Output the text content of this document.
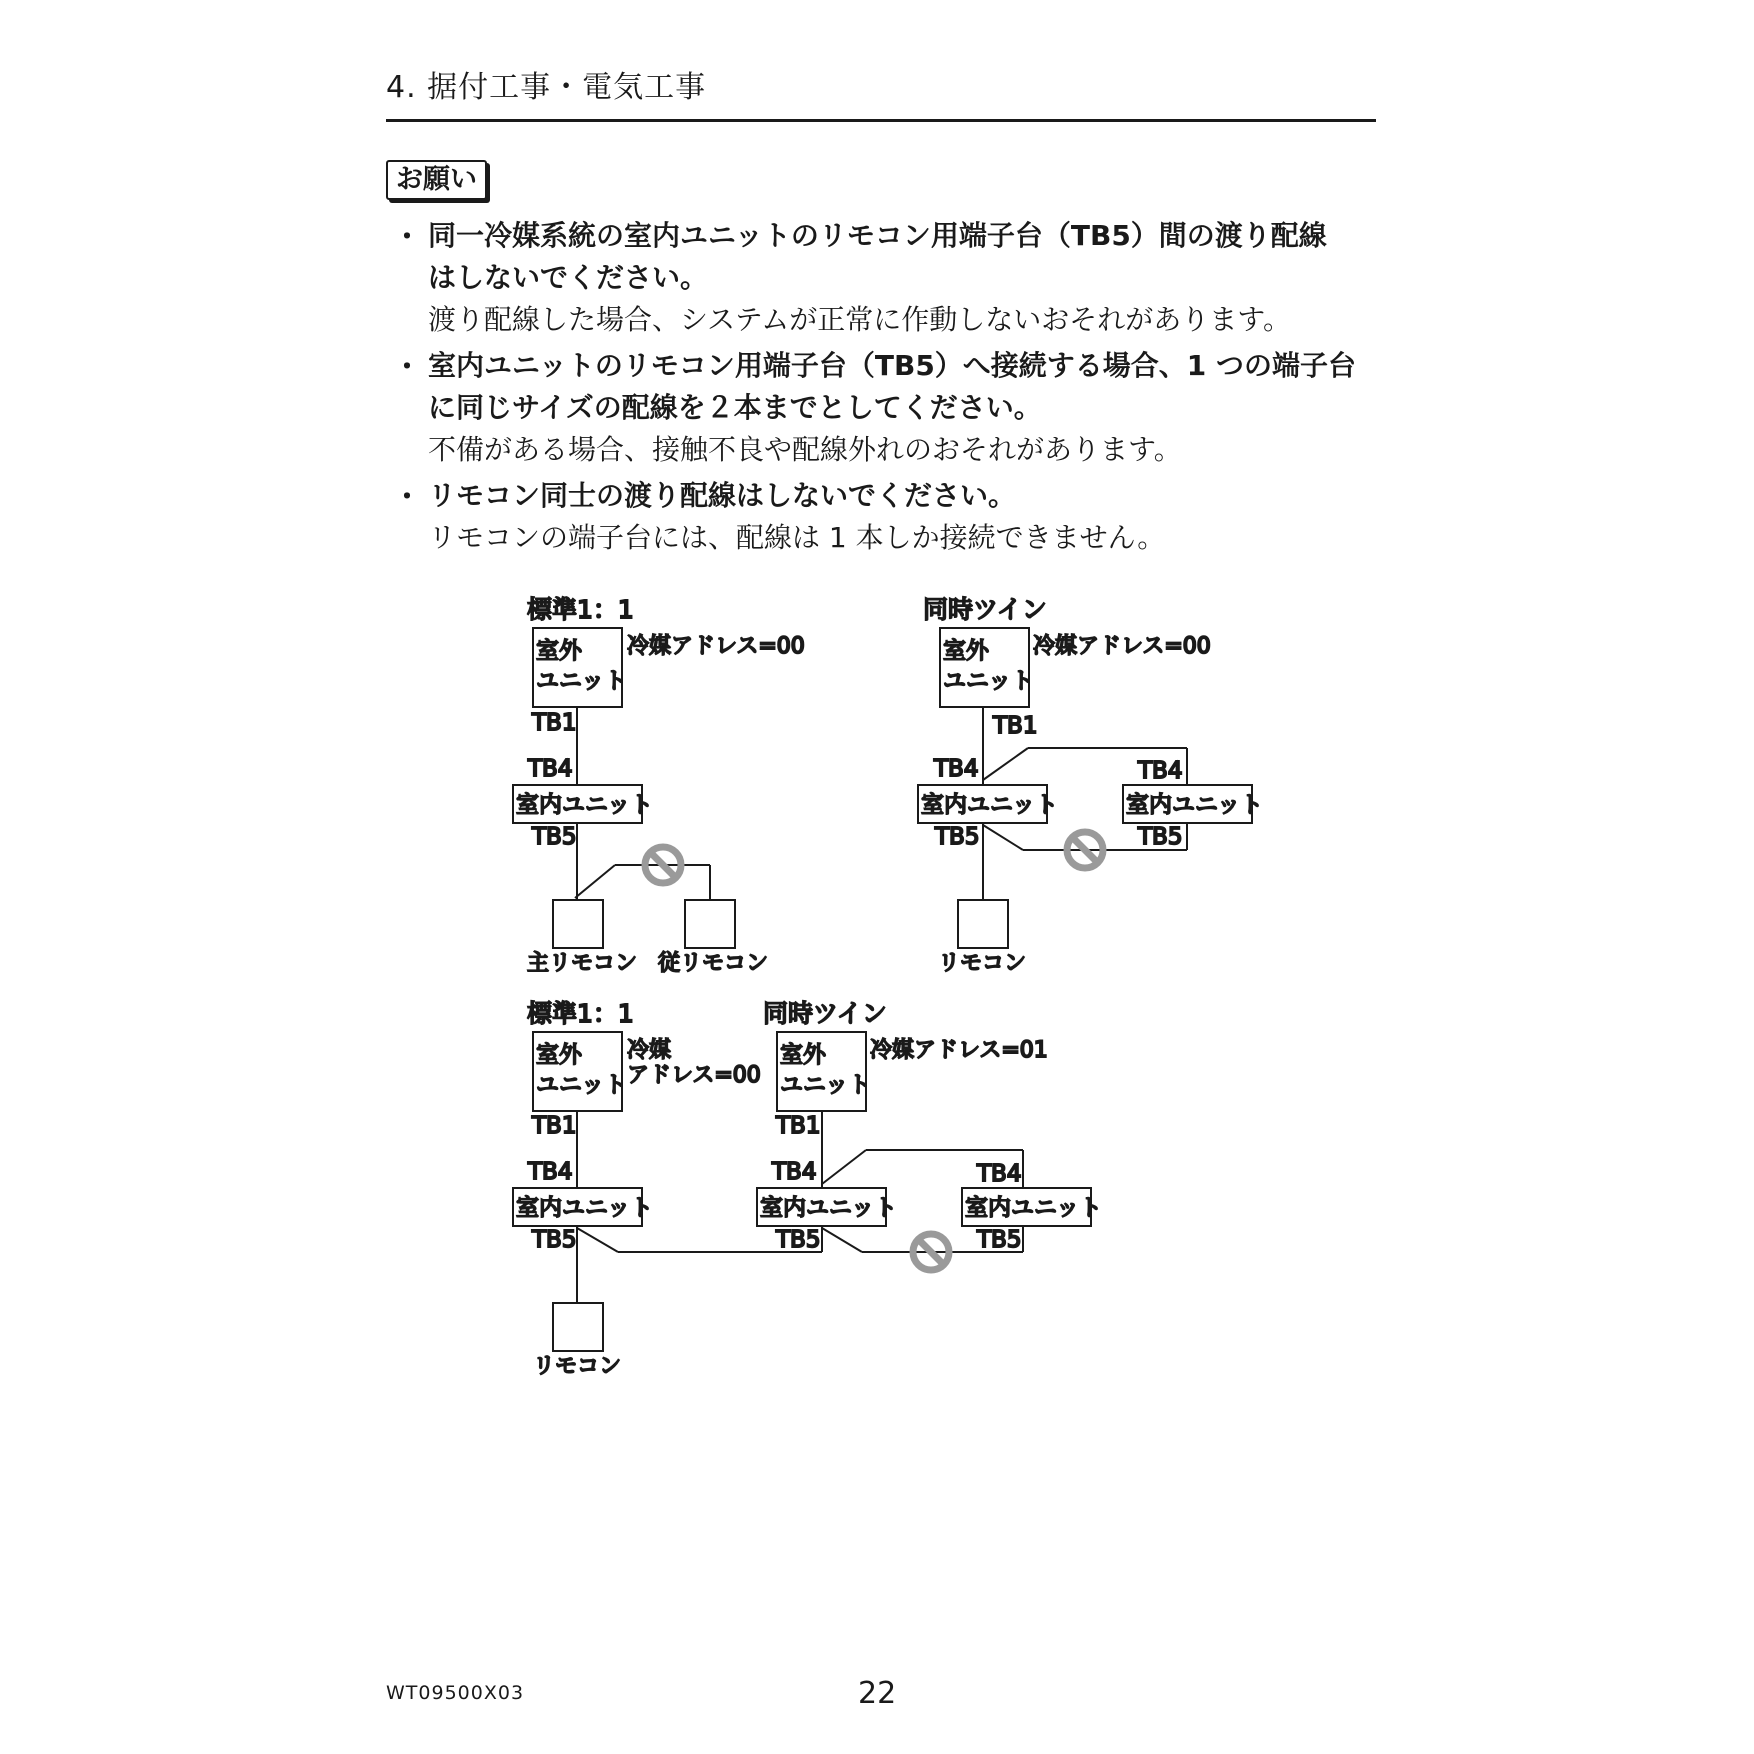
4. 据付工事・電気工事
お願い
・ 同一冷媒系統の室内ユニットのリモコン用端子台（TB5）間の渡り配線
はしないでください。
渡り配線した場合、システムが正常に作動しないおそれがあります。
・ 室内ユニットのリモコン用端子台（TB5）へ接続する場合、1 つの端子台
に同じサイズの配線を２本までとしてください。
不備がある場合、接触不良や配線外れのおそれがあります。
・ リモコン同士の渡り配線はしないでください。
リモコンの端子台には、配線は 1 本しか接続できません。
標準1：1
室外
ユニット
冷媒アドレス=00
TB1
TB4
室内ユニット
TB5
主リモコン 従リモコン
同時ツイン
室外
ユニット
冷媒アドレス=00
TB1
TB4	TB4
室内ユニット	室内ユニット
TB5	TB5
リモコン
標準1：1
室外
ユニット
冷媒
アドレス=00
TB1
TB4
室内ユニット
TB5
リモコン
同時ツイン
室外
ユニット
冷媒アドレス=01
TB1
TB4	TB4
室内ユニット	室内ユニット
TB5	TB5
WT09500X03	22
